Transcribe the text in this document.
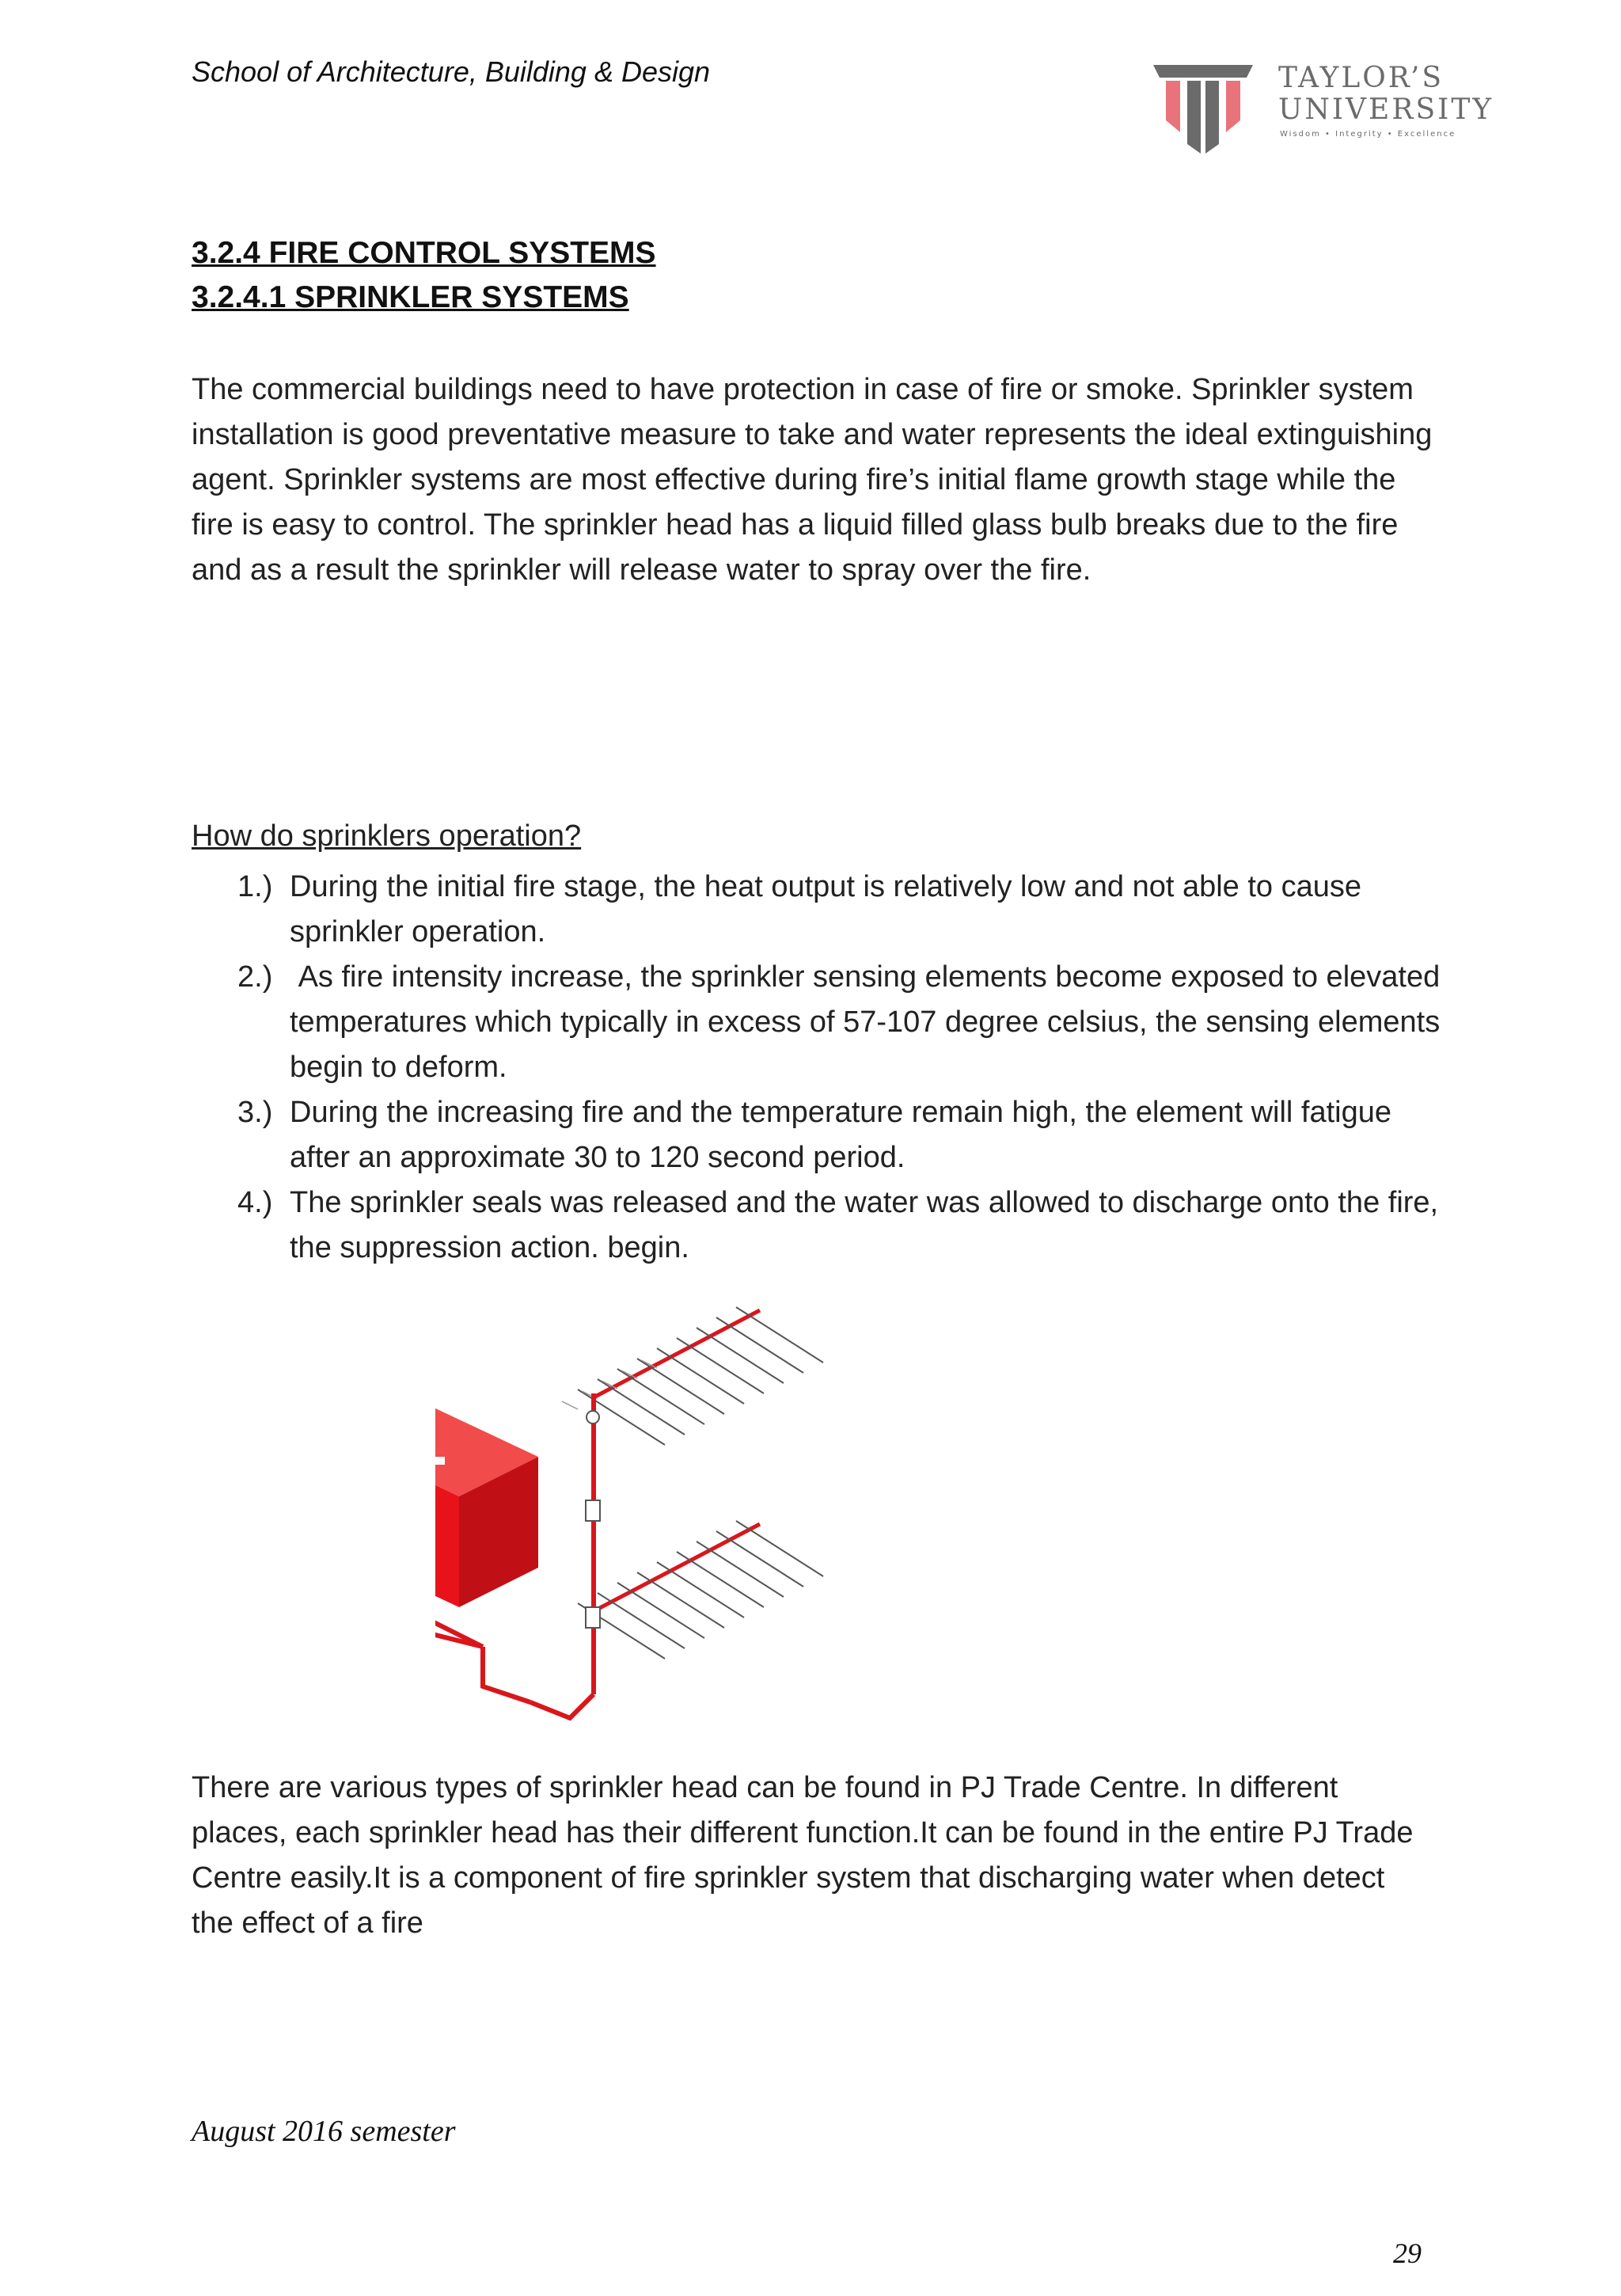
School of Architecture, Building & Design	TAYLOR’S
UNIVERSITY
Wisdom • Integrity • Excellence
3.2.4 FIRE CONTROL SYSTEMS
3.2.4.1 SPRINKLER SYSTEMS

The commercial buildings need to have protection in case of fire or smoke. Sprinkler system installation is good preventative measure to take and water represents the ideal extinguishing agent. Sprinkler systems are most effective during fire’s initial flame growth stage while the fire is easy to control. The sprinkler head has a liquid filled glass bulb breaks due to the fire and as a result the sprinkler will release water to spray over the fire.

How do sprinklers operation?
1.) During the initial fire stage, the heat output is relatively low and not able to cause sprinkler operation.
2.) As fire intensity increase, the sprinkler sensing elements become exposed to elevated temperatures which typically in excess of 57-107 degree celsius, the sensing elements begin to deform.
3.) During the increasing fire and the temperature remain high, the element will fatigue after an approximate 30 to 120 second period.
4.) The sprinkler seals was released and the water was allowed to discharge onto the fire, the suppression action. begin.

There are various types of sprinkler head can be found in PJ Trade Centre. In different places, each sprinkler head has their different function.It can be found in the entire PJ Trade Centre easily.It is a component of fire sprinkler system that discharging water when detect the effect of a fire

August 2016 semester
29
